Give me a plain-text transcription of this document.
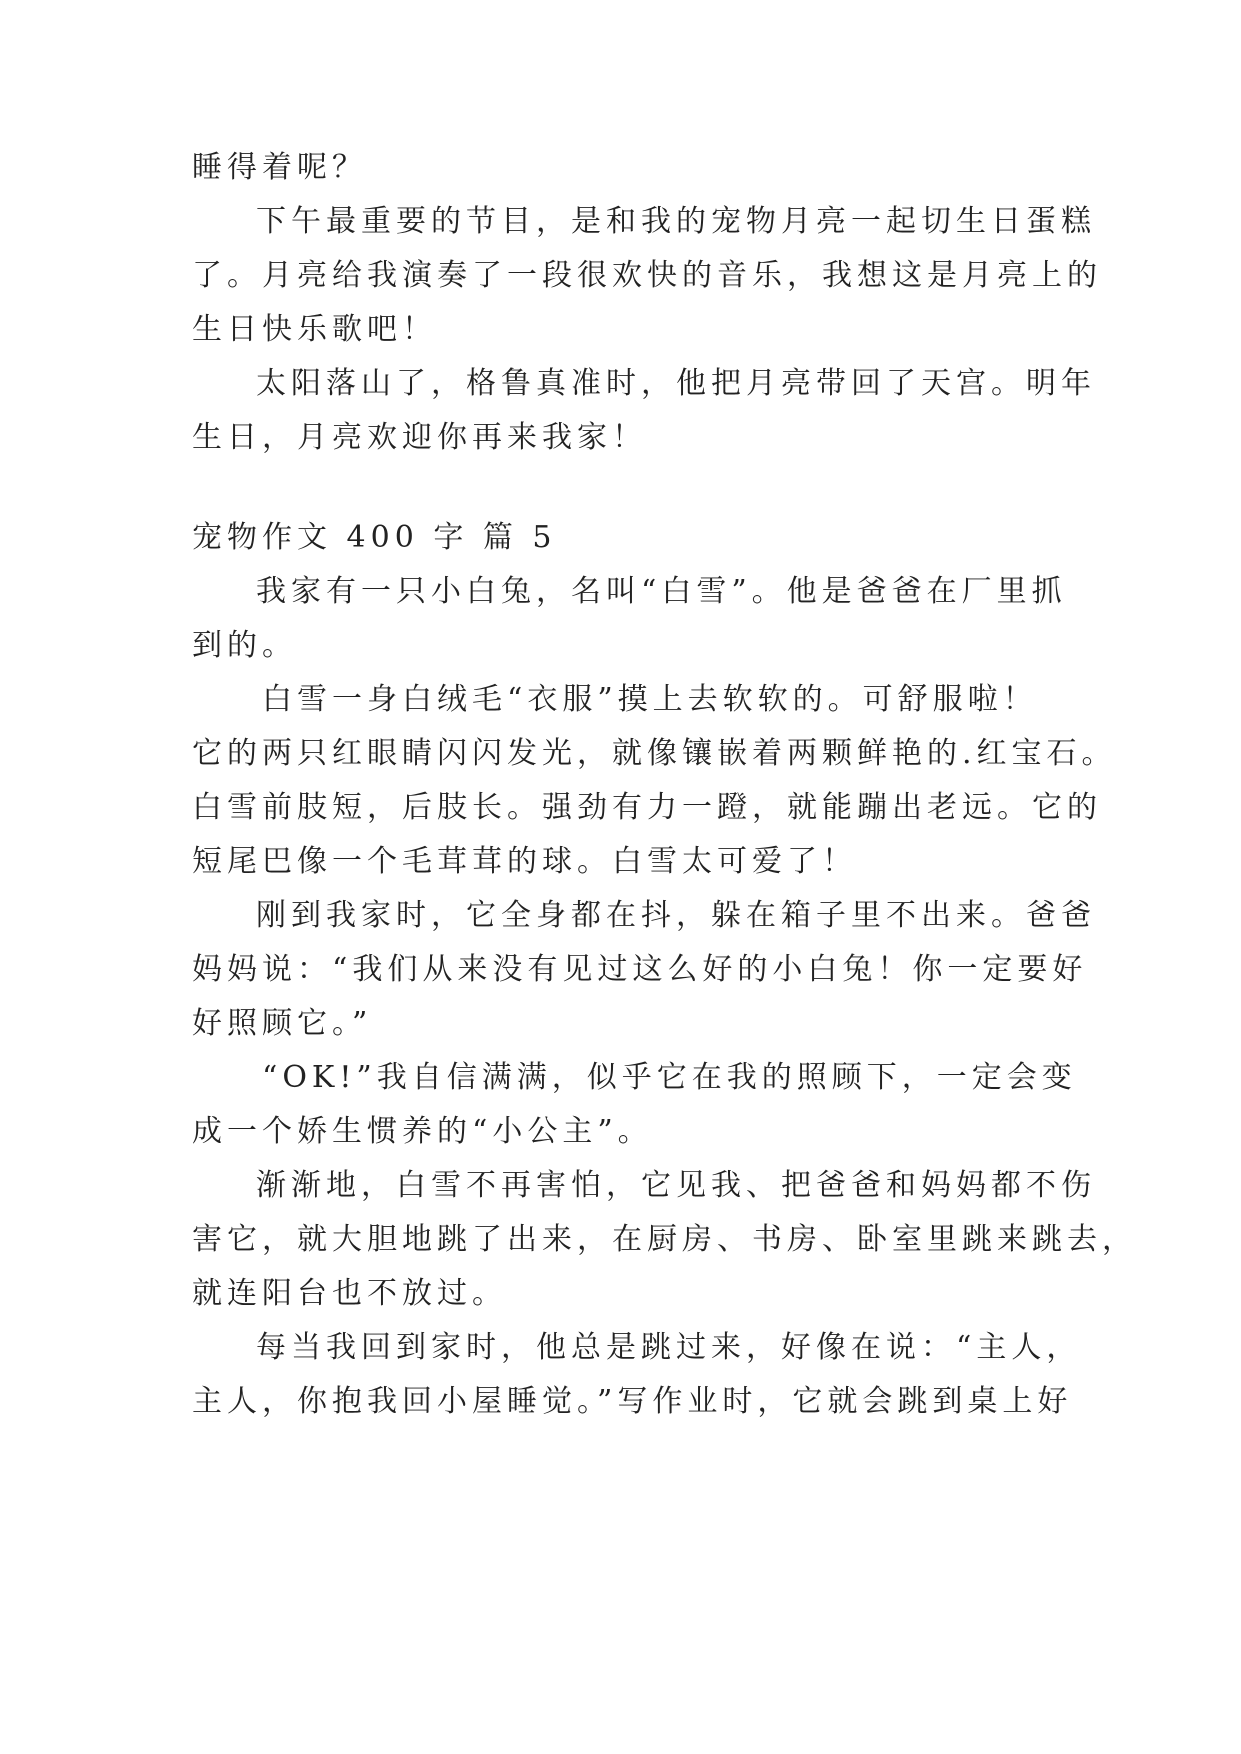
睡得着呢？
下午最重要的节目，是和我的宠物月亮一起切生日蛋糕
了。月亮给我演奏了一段很欢快的音乐，我想这是月亮上的
生日快乐歌吧！
太阳落山了，格鲁真准时，他把月亮带回了天宫。明年
生日，月亮欢迎你再来我家！
宠物作文 400 字 篇 5
我家有一只小白兔，名叫“白雪”。他是爸爸在厂里抓
到的。
白雪一身白绒毛“衣服”摸上去软软的。可舒服啦！
它的两只红眼睛闪闪发光，就像镶嵌着两颗鲜艳的.红宝石。
白雪前肢短，后肢长。强劲有力一蹬，就能蹦出老远。它的
短尾巴像一个毛茸茸的球。白雪太可爱了！
刚到我家时，它全身都在抖，躲在箱子里不出来。爸爸
妈妈说：“我们从来没有见过这么好的小白兔！你一定要好
好照顾它。”
“OK!”我自信满满，似乎它在我的照顾下，一定会变
成一个娇生惯养的“小公主”。
渐渐地，白雪不再害怕，它见我、把爸爸和妈妈都不伤
害它，就大胆地跳了出来，在厨房、书房、卧室里跳来跳去，
就连阳台也不放过。
每当我回到家时，他总是跳过来，好像在说：“主人，
主人，你抱我回小屋睡觉。”写作业时，它就会跳到桌上好
